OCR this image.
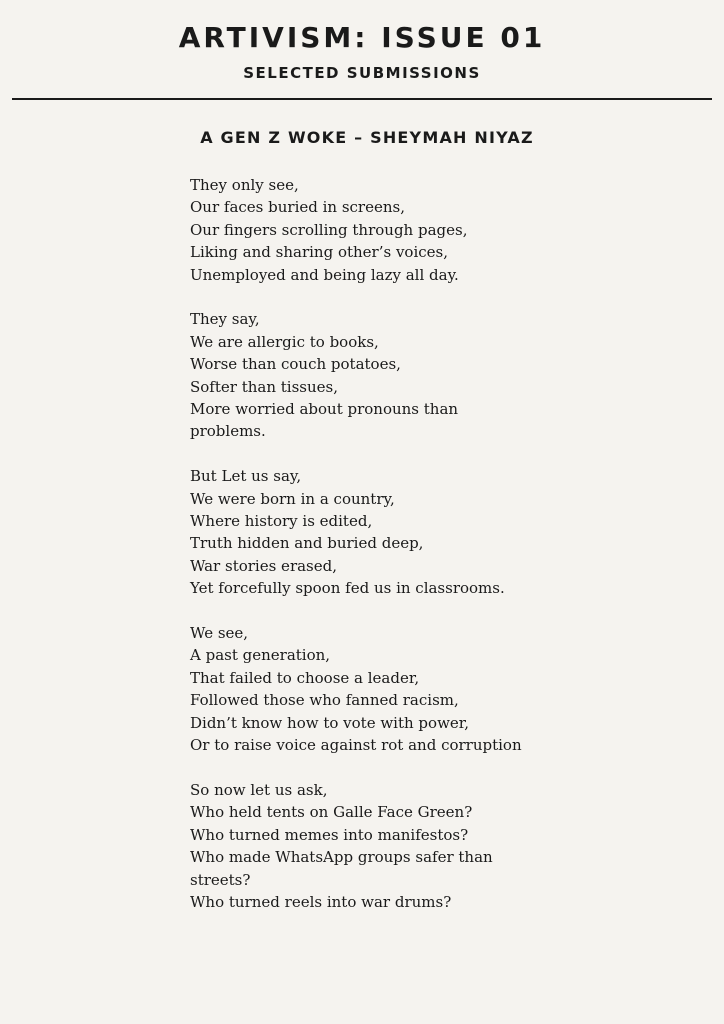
ARTIVISM: ISSUE 01
SELECTED SUBMISSIONS
A GEN Z WOKE – SHEYMAH NIYAZ
They only see,
Our faces buried in screens,
Our fingers scrolling through pages,
Liking and sharing other’s voices,
Unemployed and being lazy all day.
They say,
We are allergic to books,
Worse than couch potatoes,
Softer than tissues,
More worried about pronouns than
problems.
But Let us say,
We were born in a country,
Where history is edited,
Truth hidden and buried deep,
War stories erased,
Yet forcefully spoon fed us in classrooms.
We see,
A past generation,
That failed to choose a leader,
Followed those who fanned racism,
Didn’t know how to vote with power,
Or to raise voice against rot and corruption
So now let us ask,
Who held tents on Galle Face Green?
Who turned memes into manifestos?
Who made WhatsApp groups safer than
streets?
Who turned reels into war drums?
